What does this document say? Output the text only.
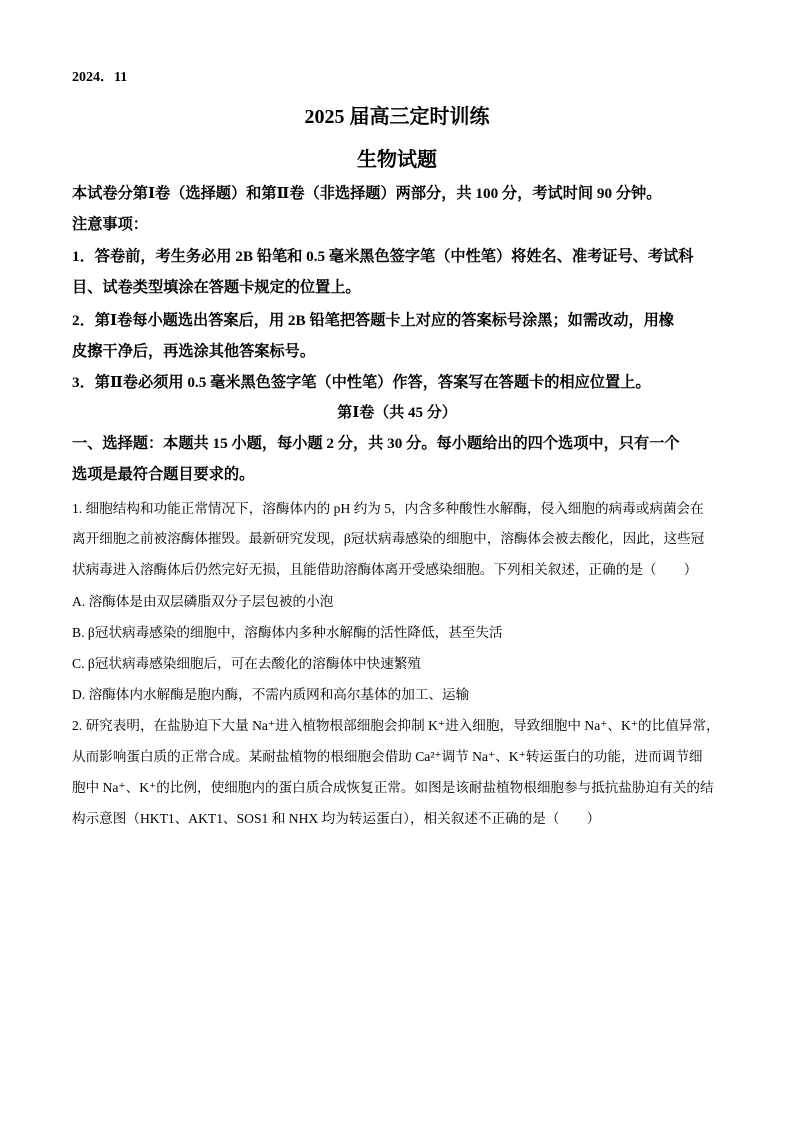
2024．11
2025 届高三定时训练
生物试题
本试卷分第Ⅰ卷（选择题）和第Ⅱ卷（非选择题）两部分，共 100 分，考试时间 90 分钟。
注意事项：
1．答卷前，考生务必用 2B 铅笔和 0.5 毫米黑色签字笔（中性笔）将姓名、准考证号、考试科
目、试卷类型填涂在答题卡规定的位置上。
2．第Ⅰ卷每小题选出答案后，用 2B 铅笔把答题卡上对应的答案标号涂黑；如需改动，用橡
皮擦干净后，再选涂其他答案标号。
3．第Ⅱ卷必须用 0.5 毫米黑色签字笔（中性笔）作答，答案写在答题卡的相应位置上。
第Ⅰ卷（共 45 分）
一、选择题：本题共 15 小题，每小题 2 分，共 30 分。每小题给出的四个选项中，只有一个
选项是最符合题目要求的。
1. 细胞结构和功能正常情况下，溶酶体内的 pH 约为 5，内含多种酸性水解酶，侵入细胞的病毒或病菌会在
离开细胞之前被溶酶体摧毁。最新研究发现，β冠状病毒感染的细胞中，溶酶体会被去酸化，因此，这些冠
状病毒进入溶酶体后仍然完好无损，且能借助溶酶体离开受感染细胞。下列相关叙述，正确的是（　　）
A. 溶酶体是由双层磷脂双分子层包被的小泡
B. β冠状病毒感染的细胞中，溶酶体内多种水解酶的活性降低，甚至失活
C. β冠状病毒感染细胞后，可在去酸化的溶酶体中快速繁殖
D. 溶酶体内水解酶是胞内酶，不需内质网和高尔基体的加工、运输
2. 研究表明，在盐胁迫下大量 Na⁺进入植物根部细胞会抑制 K⁺进入细胞，导致细胞中 Na⁺、K⁺的比值异常，
从而影响蛋白质的正常合成。某耐盐植物的根细胞会借助 Ca²⁺调节 Na⁺、K⁺转运蛋白的功能，进而调节细
胞中 Na⁺、K⁺的比例，使细胞内的蛋白质合成恢复正常。如图是该耐盐植物根细胞参与抵抗盐胁迫有关的结
构示意图（HKT1、AKT1、SOS1 和 NHX 均为转运蛋白），相关叙述不正确的是（　　）
